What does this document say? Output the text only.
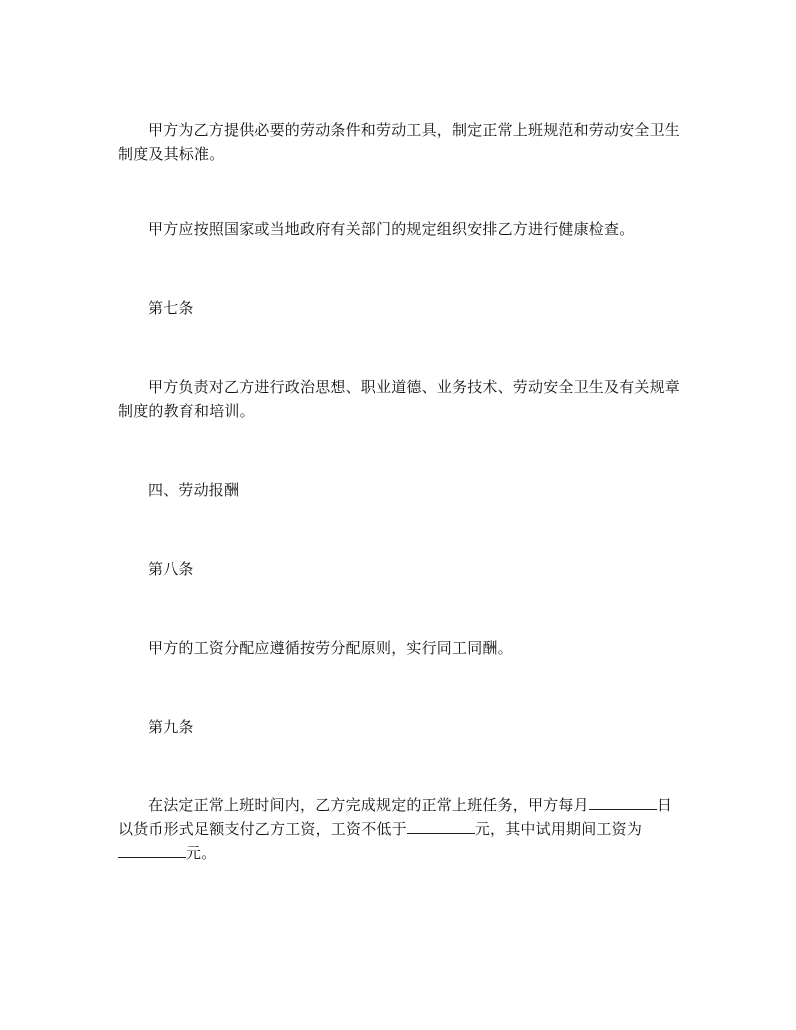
甲方为乙方提供必要的劳动条件和劳动工具，制定正常上班规范和劳动安全卫生制度及其标准。

甲方应按照国家或当地政府有关部门的规定组织安排乙方进行健康检查。

第七条

甲方负责对乙方进行政治思想、职业道德、业务技术、劳动安全卫生及有关规章制度的教育和培训。

四、劳动报酬

第八条

甲方的工资分配应遵循按劳分配原则，实行同工同酬。

第九条

在法定正常上班时间内，乙方完成规定的正常上班任务，甲方每月	日以货币形式足额支付乙方工资，工资不低于	元，其中试用期间工资为元。
